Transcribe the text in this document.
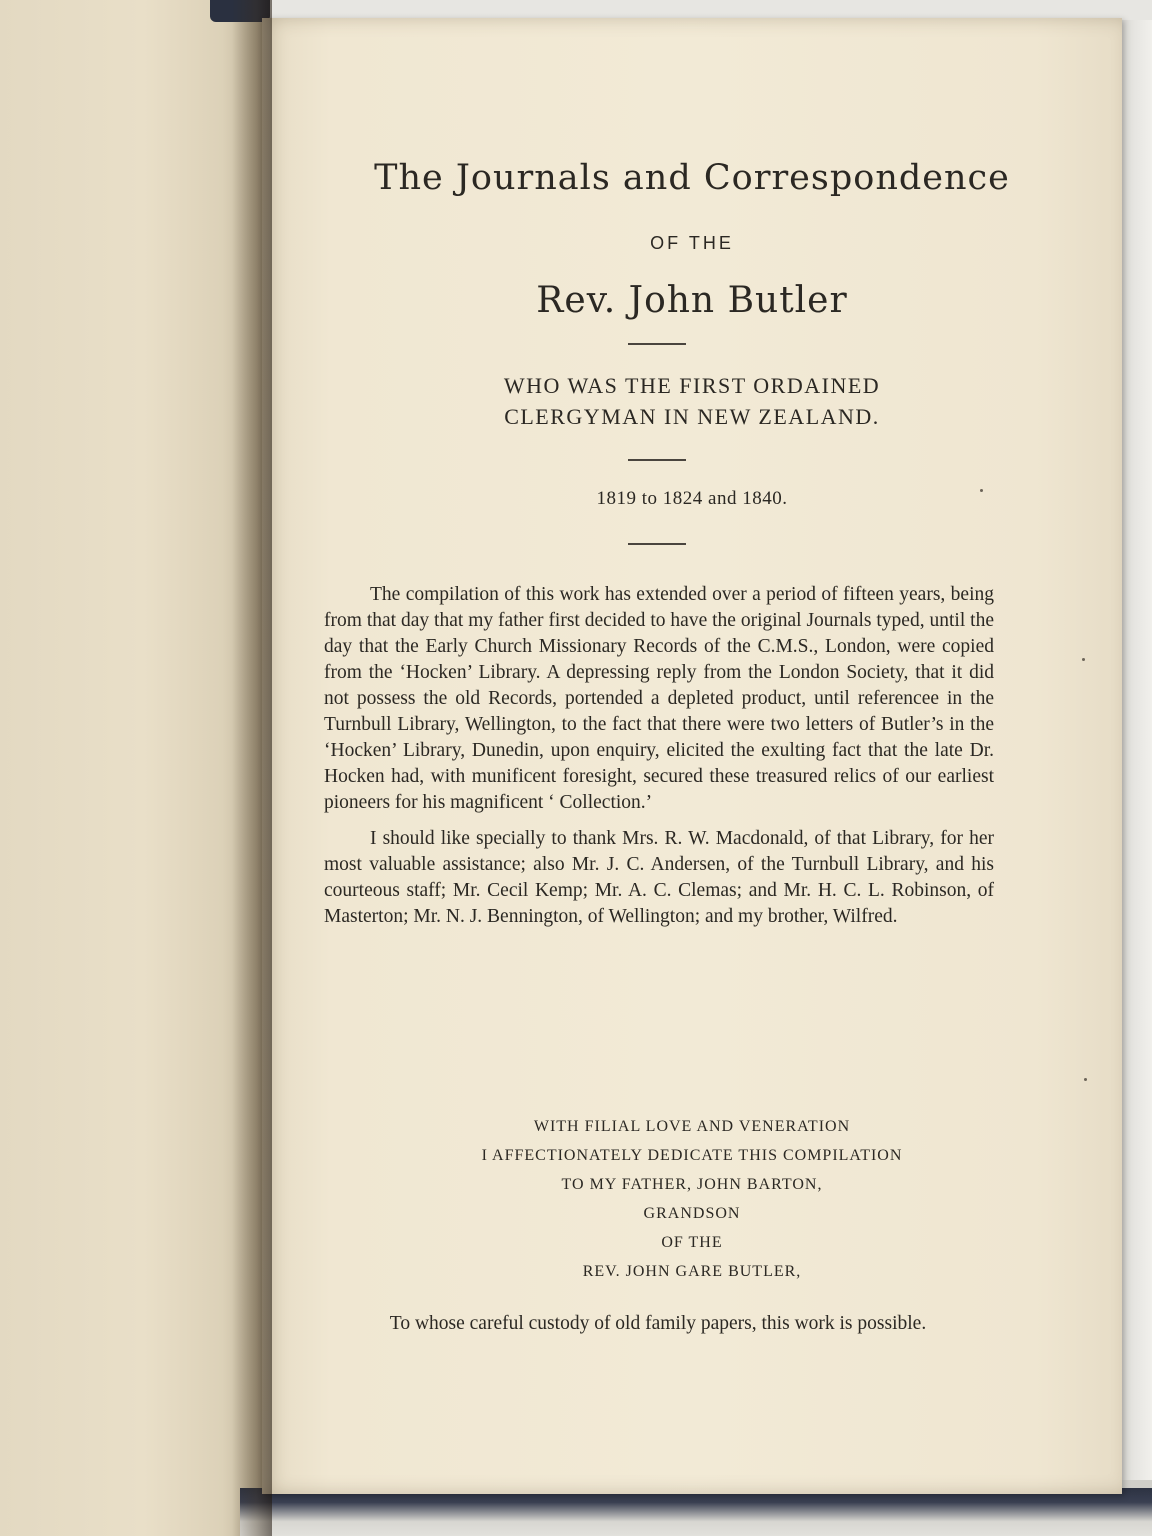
The Journals and Correspondence
OF THE
Rev. John Butler
WHO WAS THE FIRST ORDAINED
CLERGYMAN IN NEW ZEALAND.
1819 to 1824 and 1840.

The compilation of this work has extended over a period of fifteen years, being from that day that my father first decided to have the original Journals typed, until the day that the Early Church Missionary Records of the C.M.S., London, were copied from the ‘Hocken’ Library. A depressing reply from the London Society, that it did not possess the old Records, portended a depleted product, until referencee in the Turnbull Library, Wellington, to the fact that there were two letters of Butler’s in the ‘Hocken’ Library, Dunedin, upon enquiry, elicited the exulting fact that the late Dr. Hocken had, with munificent foresight, secured these treasured relics of our earliest pioneers for his magnificent ‘ Collection.’

I should like specially to thank Mrs. R. W. Macdonald, of that Library, for her most valuable assistance; also Mr. J. C. Andersen, of the Turnbull Library, and his courteous staff; Mr. Cecil Kemp; Mr. A. C. Clemas; and Mr. H. C. L. Robinson, of Masterton; Mr. N. J. Bennington, of Wellington; and my brother, Wilfred.

WITH FILIAL LOVE AND VENERATION
I AFFECTIONATELY DEDICATE THIS COMPILATION
TO MY FATHER, JOHN BARTON,
GRANDSON
OF THE
REV. JOHN GARE BUTLER,
To whose careful custody of old family papers, this work is possible.
